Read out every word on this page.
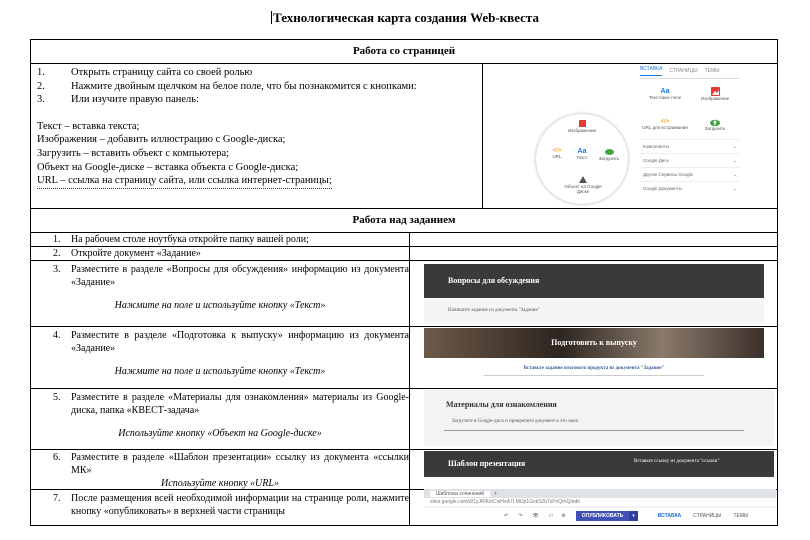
Технологическая карта создания Web-квеста
Работа со страницей
1.	Открыть страницу сайта со своей ролью
2.	Нажмите двойным щелчком на белое поле, что бы познакомится с кнопками:
3.	Или изучите правую панель:
Текст – вставка текста;
Изображения – добавить иллюстрацию с Google-диска;
Загрузить – вставить объект с компьютера;
Объект на Google-диске – вставка объекта с Google-диска;
URL – ссылка на страницу сайта, или ссылка интернет-страницы;
Работа над заданием
1.	На рабочем столе ноутбука откройте папку вашей роли;
2.	Откройте документ «Задание»
3.	Разместите в разделе «Вопросы для обсуждения» информацию из документа «Задание»
Нажмите на поле и используйте кнопку «Текст»
4.	Разместите в разделе «Подготовка к выпуску» информацию из документа «Задание»
Нажмите на поле и используйте кнопку «Текст»
5.	Разместите в разделе «Материалы для ознакомления» материалы из Google-диска, папка «КВЕСТ-задача»
Используйте кнопку «Объект на Google-диске»
6.	Разместите в разделе «Шаблон презентации» ссылку из документа «ссылки МК»
Используйте кнопку «URL»
7.	После размещения всей необходимой информации на странице роли, нажмите кнопку «опубликовать» в верхней части страницы
ВСТАВКА СТРАНИЦЫ ТЕМЫ
Aa
Текстовое поле	Изображение
</>
URL для встраивания	Загрузить
Компоненты	⌄
Google Диск	⌄
Другие Сервисы Google	⌄
Google Документы	⌄

Изображение
</>
URL
Aa
Текст	Загрузить

Объект на Google Диске
Вопросы для обсуждения
Напишите задание из документа "Задание"
Подготовить к выпуску
Вставьте задание итогового продукта из документа "Задание"
Материалы для ознакомления
Загрузите в Google-диск и прикрепите документ к это окно
Шаблон презентация	Вставьте ссылку из документа "ссылки"
Шаблоны сочинений	+
sites.google.com/d/1yJRlKmCwHoA7LMtJp1GxkS2b7zPxQrhQ/edit
↶ ↷ 👁 ⚇ ⚙	ОПУБЛИКОВАТЬ	▾	ВСТАВКА СТРАНИЦЫ ТЕМЫ
